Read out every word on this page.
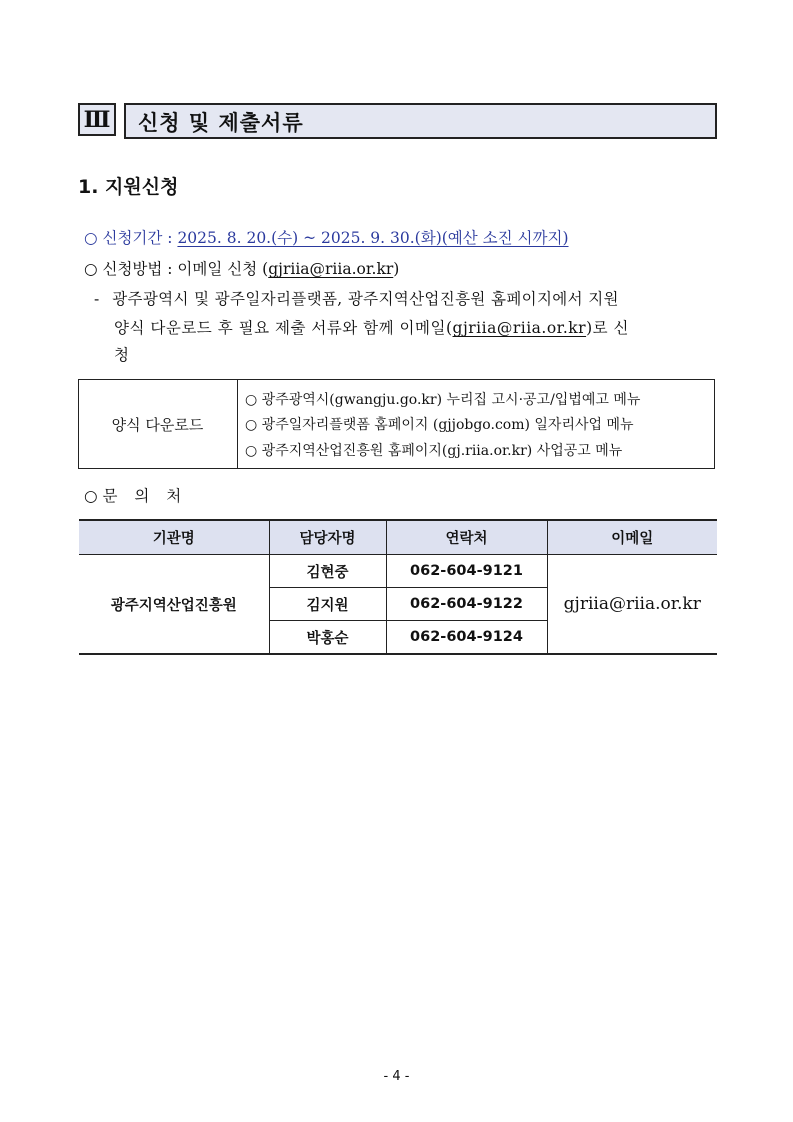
Ⅲ 신청 및 제출서류
1. 지원신청
○ 신청기간 : 2025. 8. 20.(수) ~ 2025. 9. 30.(화)(예산 소진 시까지)
○ 신청방법 : 이메일 신청 (gjriia@riia.or.kr)
- 광주광역시 및 광주일자리플랫폼, 광주지역산업진흥원 홈페이지에서 지원
양식 다운로드 후 필요 제출 서류와 함께 이메일(gjriia@riia.or.kr)로 신
청
양식 다운로드
○ 광주광역시(gwangju.go.kr) 누리집 고시·공고/입법예고 메뉴
○ 광주일자리플랫폼 홈페이지 (gjjobgo.com) 일자리사업 메뉴
○ 광주지역산업진흥원 홈페이지(gj.riia.or.kr) 사업공고 메뉴
○ 문 의 처
기관명	담당자명	연락처	이메일
광주지역산업진흥원	김현중	062-604-9121	gjriia@riia.or.kr
	김지원	062-604-9122	
	박홍순	062-604-9124	
- 4 -
